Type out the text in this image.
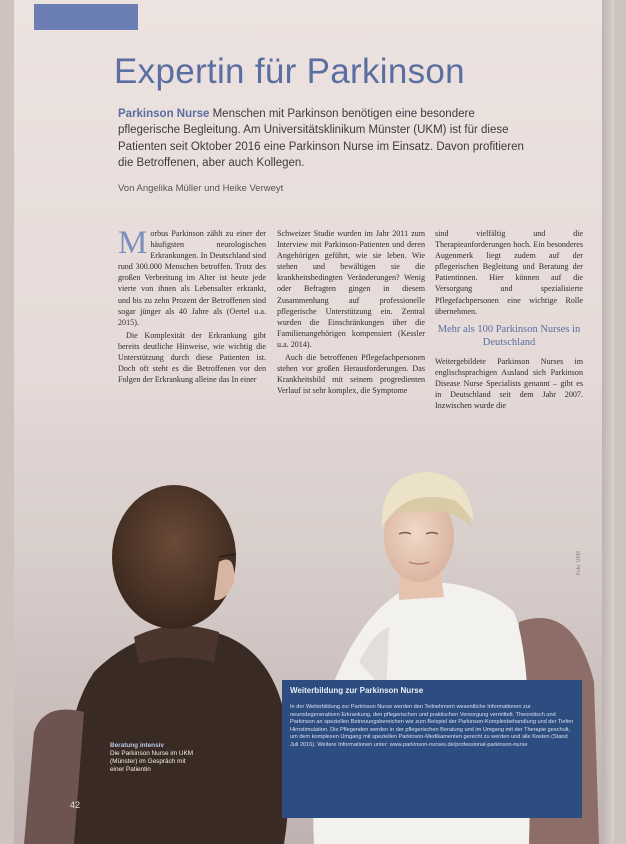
Expertin für Parkinson
Parkinson Nurse Menschen mit Parkinson benötigen eine besondere pflegerische Begleitung. Am Universitätsklinikum Münster (UKM) ist für diese Patienten seit Oktober 2016 eine Parkinson Nurse im Einsatz. Davon profitieren die Betroffenen, aber auch Kollegen.
Von Angelika Müller und Heike Verweyt

Morbus Parkinson zählt zu einer der häufigsten neurologischen Erkrankungen. In Deutschland sind rund 300.000 Menschen betroffen. Trotz des großen Verbreitung im Alter ist heute jede vierte von ihnen als Lebensalter erkrankt, und bis zu zehn Prozent der Betroffenen sind sogar jünger als 40 Jahre als (Oertel u.a. 2015).

Die Komplexität der Erkrankung gibt bereits deutliche Hinweise, wie wichtig die Unterstützung durch diese Patienten ist. Doch oft steht es die Betroffenen vor den Folgen der Erkrankung alleine das In einer

Schweizer Studie wurden im Jahr 2011 zum Interview mit Parkinson-Patienten und deren Angehörigen geführt, wie sie leben. Wie stehen und bewältigen sie die krankheitsbedingten Veränderungen? Wenig oder Befragten gingen in diesem Zusammenhang auf professionelle pflegerische Unterstützung ein. Zentral wurden die Einschränkungen über die Familienangehörigen kompensiert (Kessler u.a. 2014).

Auch die betroffenen Pflegefachpersonen stehen vor großen Herausforderungen. Das Krankheitsbild mit seinem progredienten Verlauf ist sehr komplex, die Symptome

sind vielfältig und die Therapieanforderungen hoch. Ein besonderes Augenmerk liegt zudem auf der pflegerischen Begleitung und Beratung der Patientinnen. Hier können auf die Versorgung und spezialisierte Pflegefachpersonen eine wichtige Rolle übernehmen.

Mehr als 100 Parkinson Nurses in Deutschland

Weitergebildete Parkinson Nurses im englischsprachigen Ausland sich Parkinson Disease Nurse Specialists genannt – gibt es in Deutschland seit dem Jahr 2007. Inzwischen wurde die

Beratung intensiv
Die Parkinson Nurse im UKM (Münster) im Gespräch mit einer Patientin
Weiterbildung zur Parkinson Nurse
In der Weiterbildung zur Parkinson Nurse werden den Teilnehmern wesentliche Informationen zur neurodegenerativen Erkrankung, den pflegerischen und praktischen Versorgung vermittelt. Theoretisch und Parkinson an speziellen Betreuungsbereichen wie zum Beispiel der Parkinson-Komplexbehandlung und der Tiefen Hirnstimulation. Die Pflegenden werden in der pflegerischen Beratung und im Umgang mit der Therapie geschult, um dem komplexen Umgang mit speziellen Parkinson-Medikamenten gerecht zu werden und alle Kosten (Stand Juli 2016). Weitere Informationen unter: www.parkinson-nurses.de/professional-parkinson-nurse
42
Foto: UKM
